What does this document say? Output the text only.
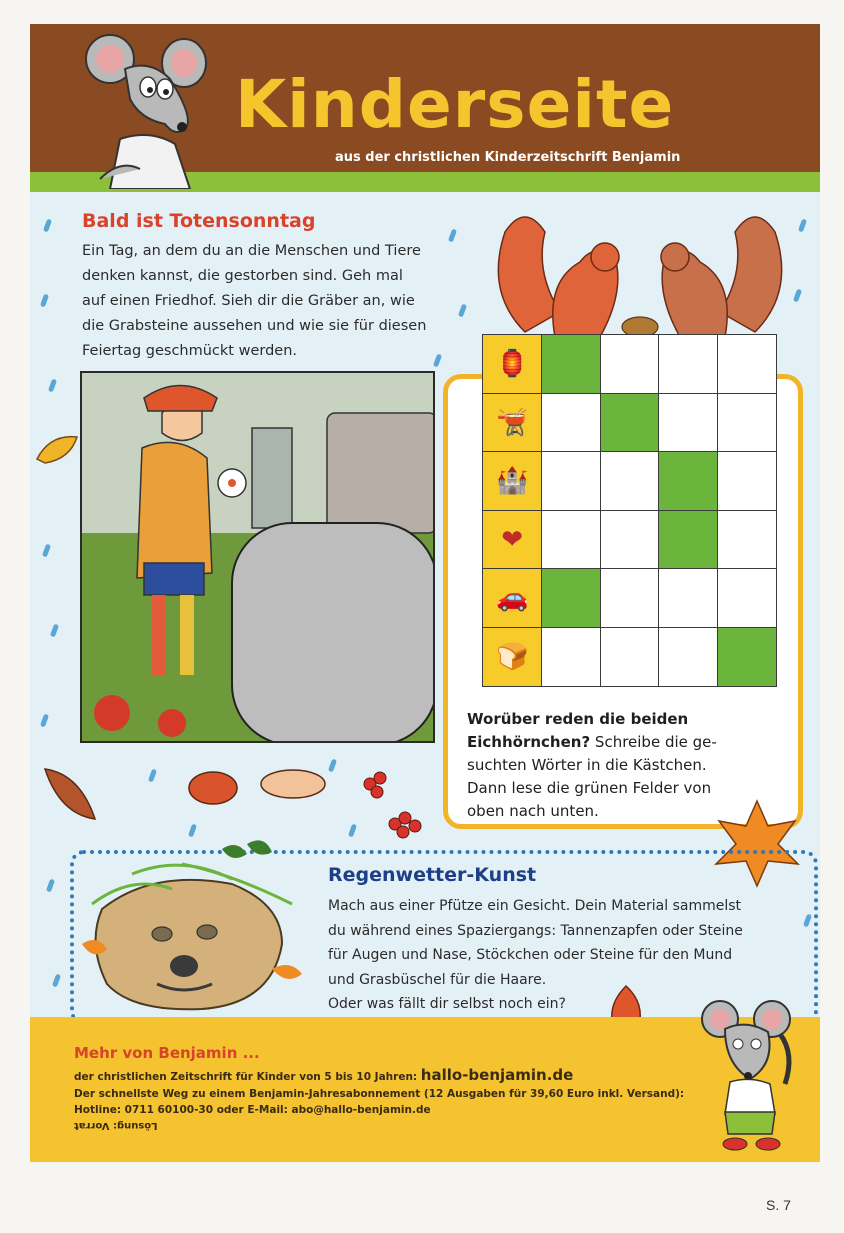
Kinderseite
aus der christlichen Kinderzeitschrift Benjamin
Bald ist Totensonntag
Ein Tag, an dem du an die Menschen und Tiere
denken kannst, die gestorben sind. Geh mal
auf einen Friedhof. Sieh dir die Gräber an, wie
die Grabsteine aussehen und wie sie für diesen
Feiertag geschmückt werden.	🏮
🫕
🏰
❤
🚗
🍞
Worüber reden die beiden
Eichhörnchen? Schreibe die ge-
suchten Wörter in die Kästchen.
Dann lese die grünen Felder von
oben nach unten.
Regenwetter-Kunst
Mach aus einer Pfütze ein Gesicht. Dein Material sammelst
du während eines Spaziergangs: Tannenzapfen oder Steine
für Augen und Nase, Stöckchen oder Steine für den Mund
und Grasbüschel für die Haare.
Oder was fällt dir selbst noch ein?
Mehr von Benjamin ...
der christlichen Zeitschrift für Kinder von 5 bis 10 Jahren: hallo-benjamin.de
Der schnellste Weg zu einem Benjamin-Jahresabonnement (12 Ausgaben für 39,60 Euro inkl. Versand):
Hotline: 0711 60100-30 oder E-Mail: abo@hallo-benjamin.de
Lösung: Vorrat
S. 7
